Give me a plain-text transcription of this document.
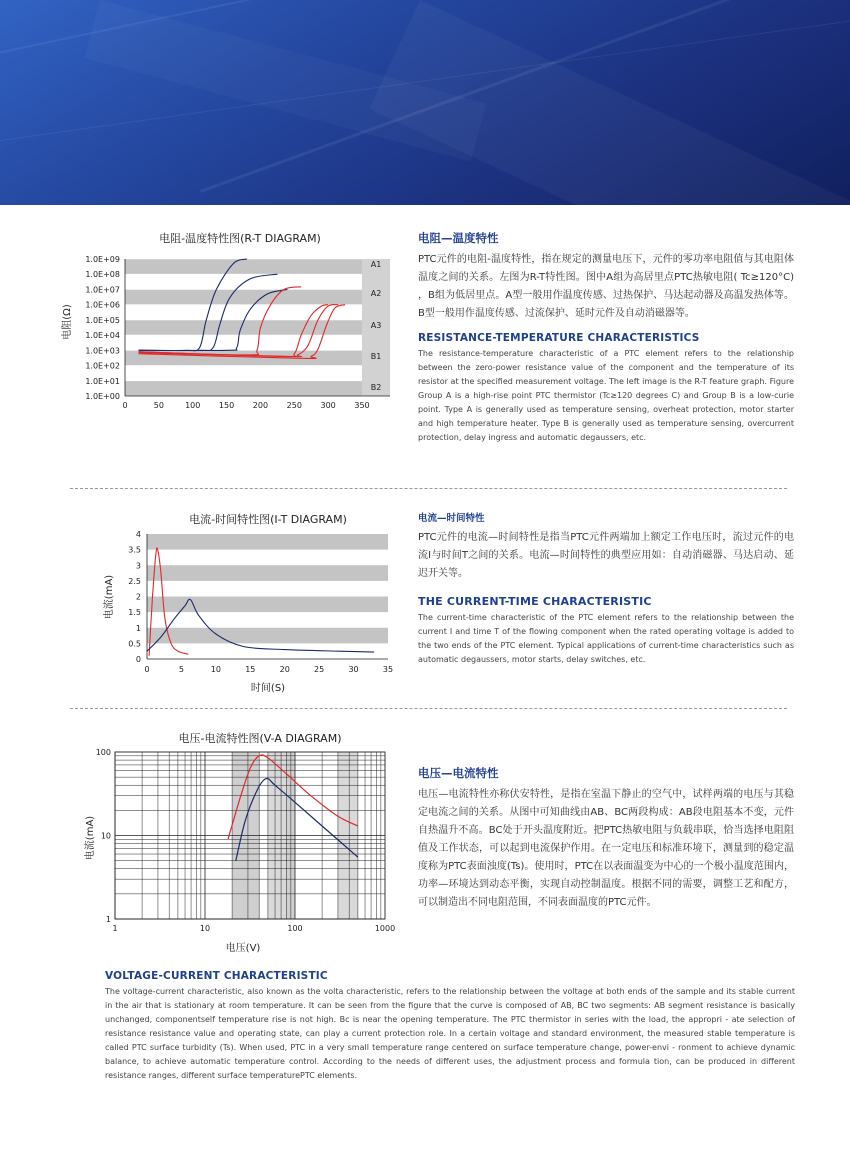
电阻-温度特性图(R-T DIAGRAM)
电阻(Ω)
A1
A2
A3
B1
B2
1.0E+00
1.0E+01
1.0E+02
1.0E+03
1.0E+04
1.0E+05
1.0E+06
1.0E+07
1.0E+08
1.0E+09
0	50	100 150 200 250 300 350

电阻—温度特性

PTC元件的电阻-温度特性，指在规定的测量电压下，元件的零功率电阻值与其电阻体温度之间的关系。左图为R-T特性图。图中A组为高居里点PTC热敏电阻( Tc≥120°C) ，B组为低居里点。A型一般用作温度传感、过热保护、马达起动器及高温发热体等。B型一般用作温度传感、过流保护、延时元件及自动消磁器等。

RESISTANCE-TEMPERATURE CHARACTERISTICS

The resistance-temperature characteristic of a PTC element refers to the relationship between the zero-power resistance value of the component and the temperature of its resistor at the specified measurement voltage. The left image is the R-T feature graph. Figure Group A is a high-rise point PTC thermistor (Tc≥120 degrees C) and Group B is a low-curie point. Type A is generally used as temperature sensing, overheat protection, motor starter and high temperature heater. Type B is generally used as temperature sensing, overcurrent protection, delay ingress and automatic degaussers, etc.

电流-时间特性图(I-T DIAGRAM)
电流(mA)
时间(S)
0
0.5
1
1.5
2
2.5
3
3.5
4
0	5	10	15	20	25	30	35

电流—时间特性

PTC元件的电流—时间特性是指当PTC元件两端加上额定工作电压时，流过元件的电流I与时间T之间的关系。电流—时间特性的典型应用如：自动消磁器、马达启动、延迟开关等。

THE CURRENT-TIME CHARACTERISTIC

The current-time characteristic of the PTC element refers to the relationship between the current I and time T of the flowing component when the rated operating voltage is added to the two ends of the PTC element. Typical applications of current-time characteristics such as automatic degaussers, motor starts, delay switches, etc.

电压-电流特性图(V-A DIAGRAM)
电流(mA)
电压(V)
1
10
100
1	10	100	1000

电压—电流特性

电压—电流特性亦称伏安特性，是指在室温下静止的空气中，试样两端的电压与其稳定电流之间的关系。从图中可知曲线由AB、BC两段构成：AB段电阻基本不变，元件自热温升不高。BC处于开头温度附近。把PTC热敏电阻与负载串联，恰当选择电阻阻值及工作状态，可以起到电流保护作用。在一定电压和标准环境下，测量到的稳定温度称为PTC表面浊度(Ts)。使用时，PTC在以表面温变为中心的一个极小温度范围内，功率—环境达到动态平衡，实现自动控制温度。根据不同的需要，调整工艺和配方，可以制造出不同电阻范围，不同表面温度的PTC元件。

VOLTAGE-CURRENT CHARACTERISTIC

The voltage-current characteristic, also known as the volta characteristic, refers to the relationship between the voltage at both ends of the sample and its stable current in the air that is stationary at room temperature. It can be seen from the figure that the curve is composed of AB, BC two segments: AB segment resistance is basically unchanged, componentself temperature rise is not high. Bc is near the opening temperature. The PTC thermistor in series with the load, the appropri - ate selection of resistance resistance value and operating state, can play a current protection role. In a certain voltage and standard environment, the measured stable temperature is called PTC surface turbidity (Ts). When used, PTC in a very small temperature range centered on surface temperature change, power-envi - ronment to achieve dynamic balance, to achieve automatic temperature control. According to the needs of different uses, the adjustment process and formula tion, can be produced in different resistance ranges, different surface temperaturePTC elements.
